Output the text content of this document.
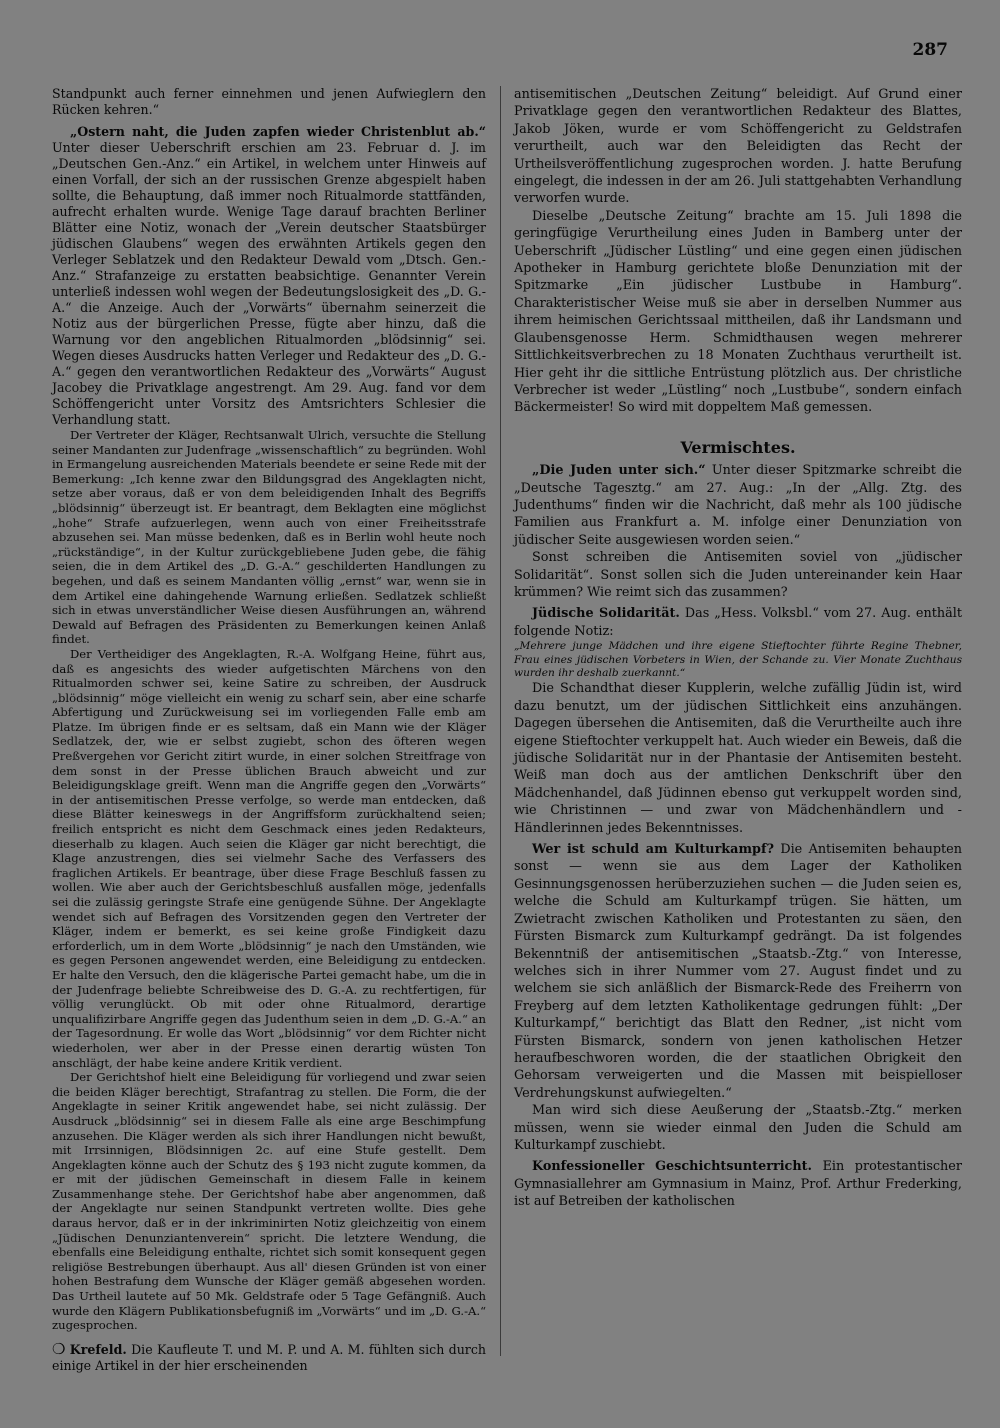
287

Standpunkt auch ferner einnehmen und jenen Aufwieglern den Rücken kehren.“

„Ostern naht, die Juden zapfen wieder Christenblut ab.“ Unter dieser Ueberschrift erschien am 23. Februar d. J. im „Deutschen Gen.-Anz.“ ein Artikel, in welchem unter Hinweis auf einen Vorfall, der sich an der russischen Grenze abgespielt haben sollte, die Behauptung, daß immer noch Ritualmorde stattfänden, aufrecht erhalten wurde. Wenige Tage darauf brachten Berliner Blätter eine Notiz, wonach der „Verein deutscher Staatsbürger jüdischen Glaubens“ wegen des erwähnten Artikels gegen den Verleger Seblatzek und den Redakteur Dewald vom „Dtsch. Gen.-Anz.“ Strafanzeige zu erstatten beabsichtige. Genannter Verein unterließ indessen wohl wegen der Bedeutungslosigkeit des „D. G.-A.“ die Anzeige. Auch der „Vorwärts“ übernahm seinerzeit die Notiz aus der bürgerlichen Presse, fügte aber hinzu, daß die Warnung vor den angeblichen Ritualmorden „blödsinnig“ sei. Wegen dieses Ausdrucks hatten Verleger und Redakteur des „D. G.-A.“ gegen den verantwortlichen Redakteur des „Vorwärts“ August Jacobey die Privatklage angestrengt. Am 29. Aug. fand vor dem Schöffengericht unter Vorsitz des Amtsrichters Schlesier die Verhandlung statt.

Der Vertreter der Kläger, Rechtsanwalt Ulrich, versuchte die Stellung seiner Mandanten zur Judenfrage „wissenschaftlich“ zu begründen. Wohl in Ermangelung ausreichenden Materials beendete er seine Rede mit der Bemerkung: „Ich kenne zwar den Bildungsgrad des Angeklagten nicht, setze aber voraus, daß er von dem beleidigenden Inhalt des Begriffs „blödsinnig“ überzeugt ist. Er beantragt, dem Beklagten eine möglichst „hohe“ Strafe aufzuerlegen, wenn auch von einer Freiheitsstrafe abzusehen sei. Man müsse bedenken, daß es in Berlin wohl heute noch „rückständige“, in der Kultur zurückgebliebene Juden gebe, die fähig seien, die in dem Artikel des „D. G.-A.“ geschilderten Handlungen zu begehen, und daß es seinem Mandanten völlig „ernst“ war, wenn sie in dem Artikel eine dahingehende Warnung erließen. Sedlatzek schließt sich in etwas unverständlicher Weise diesen Ausführungen an, während Dewald auf Befragen des Präsidenten zu Bemerkungen keinen Anlaß findet.

Der Vertheidiger des Angeklagten, R.-A. Wolfgang Heine, führt aus, daß es angesichts des wieder aufgetischten Märchens von den Ritualmorden schwer sei, keine Satire zu schreiben, der Ausdruck „blödsinnig“ möge vielleicht ein wenig zu scharf sein, aber eine scharfe Abfertigung und Zurückweisung sei im vorliegenden Falle emb am Platze. Im übrigen finde er es seltsam, daß ein Mann wie der Kläger Sedlatzek, der, wie er selbst zugiebt, schon des öfteren wegen Preßvergehen vor Gericht zitirt wurde, in einer solchen Streitfrage von dem sonst in der Presse üblichen Brauch abweicht und zur Beleidigungsklage greift. Wenn man die Angriffe gegen den „Vorwärts“ in der antisemitischen Presse verfolge, so werde man entdecken, daß diese Blätter keineswegs in der Angriffsform zurückhaltend seien; freilich entspricht es nicht dem Geschmack eines jeden Redakteurs, dieserhalb zu klagen. Auch seien die Kläger gar nicht berechtigt, die Klage anzustrengen, dies sei vielmehr Sache des Verfassers des fraglichen Artikels. Er beantrage, über diese Frage Beschluß fassen zu wollen. Wie aber auch der Gerichtsbeschluß ausfallen möge, jedenfalls sei die zulässig geringste Strafe eine genügende Sühne. Der Angeklagte wendet sich auf Befragen des Vorsitzenden gegen den Vertreter der Kläger, indem er bemerkt, es sei keine große Findigkeit dazu erforderlich, um in dem Worte „blödsinnig“ je nach den Umständen, wie es gegen Personen angewendet werden, eine Beleidigung zu entdecken. Er halte den Versuch, den die klägerische Partei gemacht habe, um die in der Judenfrage beliebte Schreibweise des D. G.-A. zu rechtfertigen, für völlig verunglückt. Ob mit oder ohne Ritualmord, derartige unqualifizirbare Angriffe gegen das Judenthum seien in dem „D. G.-A.“ an der Tagesordnung. Er wolle das Wort „blödsinnig“ vor dem Richter nicht wiederholen, wer aber in der Presse einen derartig wüsten Ton anschlägt, der habe keine andere Kritik verdient.

Der Gerichtshof hielt eine Beleidigung für vorliegend und zwar seien die beiden Kläger berechtigt, Strafantrag zu stellen. Die Form, die der Angeklagte in seiner Kritik angewendet habe, sei nicht zulässig. Der Ausdruck „blödsinnig“ sei in diesem Falle als eine arge Beschimpfung anzusehen. Die Kläger werden als sich ihrer Handlungen nicht bewußt, mit Irrsinnigen, Blödsinnigen 2c. auf eine Stufe gestellt. Dem Angeklagten könne auch der Schutz des § 193 nicht zugute kommen, da er mit der jüdischen Gemeinschaft in diesem Falle in keinem Zusammenhange stehe. Der Gerichtshof habe aber angenommen, daß der Angeklagte nur seinen Standpunkt vertreten wollte. Dies gehe daraus hervor, daß er in der inkriminirten Notiz gleichzeitig von einem „Jüdischen Denunziantenverein“ spricht. Die letztere Wendung, die ebenfalls eine Beleidigung enthalte, richtet sich somit konsequent gegen religiöse Bestrebungen überhaupt. Aus all' diesen Gründen ist von einer hohen Bestrafung dem Wunsche der Kläger gemäß abgesehen worden. Das Urtheil lautete auf 50 Mk. Geldstrafe oder 5 Tage Gefängniß. Auch wurde den Klägern Publikationsbefugniß im „Vorwärts“ und im „D. G.-A.“ zugesprochen.

❍ Krefeld. Die Kaufleute T. und M. P. und A. M. fühlten sich durch einige Artikel in der hier erscheinenden

antisemitischen „Deutschen Zeitung“ beleidigt. Auf Grund einer Privatklage gegen den verantwortlichen Redakteur des Blattes, Jakob Jöken, wurde er vom Schöffengericht zu Geldstrafen verurtheilt, auch war den Beleidigten das Recht der Urtheilsveröffentlichung zugesprochen worden. J. hatte Berufung eingelegt, die indessen in der am 26. Juli stattgehabten Verhandlung verworfen wurde.

Dieselbe „Deutsche Zeitung“ brachte am 15. Juli 1898 die geringfügige Verurtheilung eines Juden in Bamberg unter der Ueberschrift „Jüdischer Lüstling“ und eine gegen einen jüdischen Apotheker in Hamburg gerichtete bloße Denunziation mit der Spitzmarke „Ein jüdischer Lustbube in Hamburg“. Charakteristischer Weise muß sie aber in derselben Nummer aus ihrem heimischen Gerichtssaal mittheilen, daß ihr Landsmann und Glaubensgenosse Herm. Schmidthausen wegen mehrerer Sittlichkeitsverbrechen zu 18 Monaten Zuchthaus verurtheilt ist. Hier geht ihr die sittliche Entrüstung plötzlich aus. Der christliche Verbrecher ist weder „Lüstling“ noch „Lustbube“, sondern einfach Bäckermeister! So wird mit doppeltem Maß gemessen.

Vermischtes.

„Die Juden unter sich.“ Unter dieser Spitzmarke schreibt die „Deutsche Tagesztg.“ am 27. Aug.: „In der „Allg. Ztg. des Judenthums“ finden wir die Nachricht, daß mehr als 100 jüdische Familien aus Frankfurt a. M. infolge einer Denunziation von jüdischer Seite ausgewiesen worden seien.“

Sonst schreiben die Antisemiten soviel von „jüdischer Solidarität“. Sonst sollen sich die Juden untereinander kein Haar krümmen? Wie reimt sich das zusammen?

Jüdische Solidarität. Das „Hess. Volksbl.“ vom 27. Aug. enthält folgende Notiz:

„Mehrere junge Mädchen und ihre eigene Stieftochter führte Regine Thebner, Frau eines jüdischen Vorbeters in Wien, der Schande zu. Vier Monate Zuchthaus wurden ihr deshalb zuerkannt.“

Die Schandthat dieser Kupplerin, welche zufällig Jüdin ist, wird dazu benutzt, um der jüdischen Sittlichkeit eins anzuhängen. Dagegen übersehen die Antisemiten, daß die Verurtheilte auch ihre eigene Stieftochter verkuppelt hat. Auch wieder ein Beweis, daß die jüdische Solidarität nur in der Phantasie der Antisemiten besteht. Weiß man doch aus der amtlichen Denkschrift über den Mädchenhandel, daß Jüdinnen ebenso gut verkuppelt worden sind, wie Christinnen — und zwar von Mädchenhändlern und -Händlerinnen jedes Bekenntnisses.

Wer ist schuld am Kulturkampf? Die Antisemiten behaupten sonst — wenn sie aus dem Lager der Katholiken Gesinnungsgenossen herüberzuziehen suchen — die Juden seien es, welche die Schuld am Kulturkampf trügen. Sie hätten, um Zwietracht zwischen Katholiken und Protestanten zu säen, den Fürsten Bismarck zum Kulturkampf gedrängt. Da ist folgendes Bekenntniß der antisemitischen „Staatsb.-Ztg.“ von Interesse, welches sich in ihrer Nummer vom 27. August findet und zu welchem sie sich anläßlich der Bismarck-Rede des Freiherrn von Freyberg auf dem letzten Katholikentage gedrungen fühlt: „Der Kulturkampf,“ berichtigt das Blatt den Redner, „ist nicht vom Fürsten Bismarck, sondern von jenen katholischen Hetzer heraufbeschworen worden, die der staatlichen Obrigkeit den Gehorsam verweigerten und die Massen mit beispielloser Verdrehungskunst aufwiegelten.“

Man wird sich diese Aeußerung der „Staatsb.-Ztg.“ merken müssen, wenn sie wieder einmal den Juden die Schuld am Kulturkampf zuschiebt.

Konfessioneller Geschichtsunterricht. Ein protestantischer Gymnasiallehrer am Gymnasium in Mainz, Prof. Arthur Frederking, ist auf Betreiben der katholischen
